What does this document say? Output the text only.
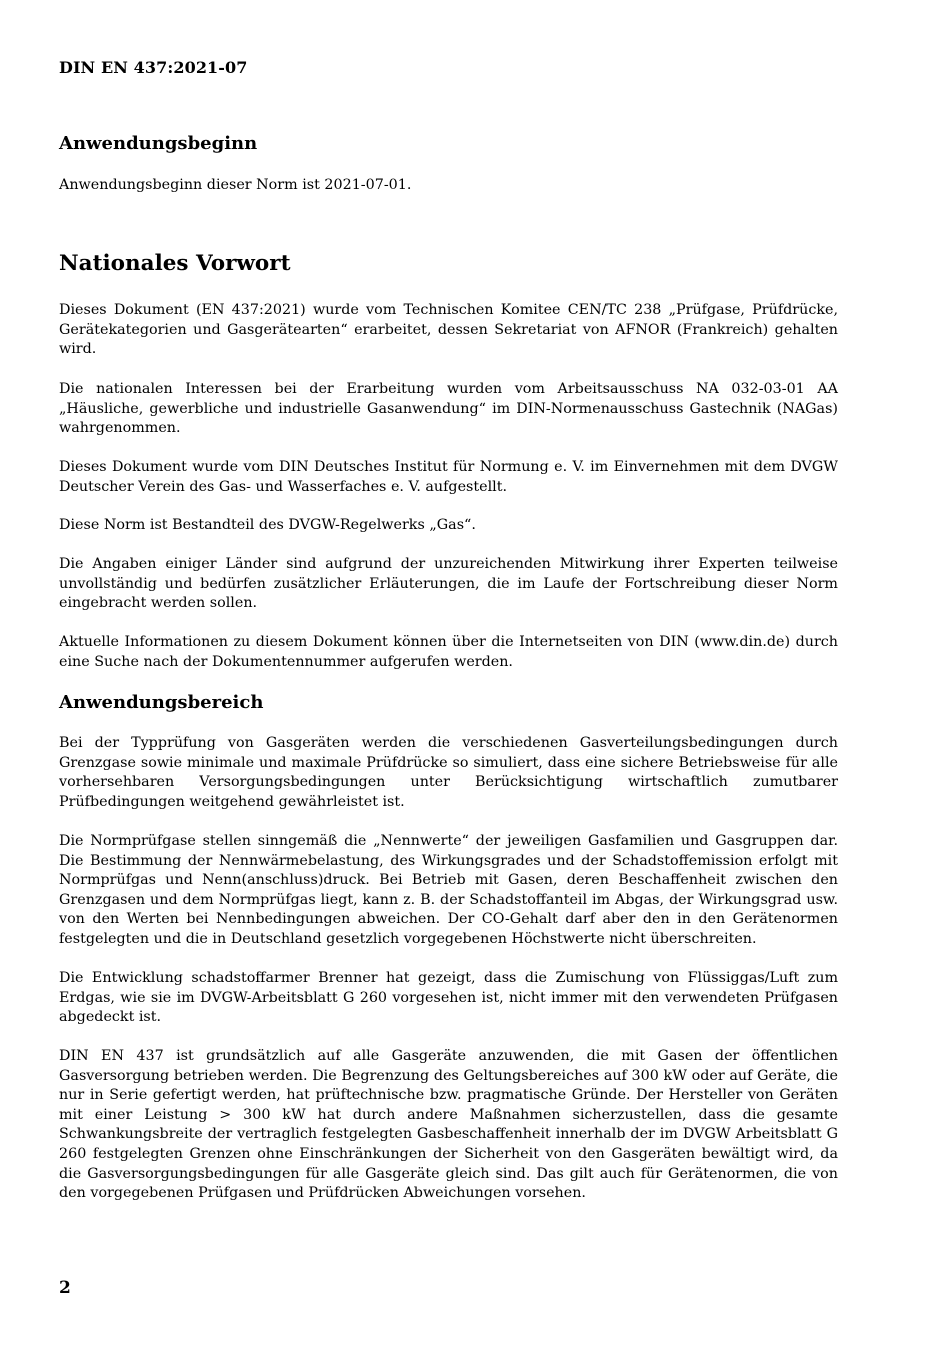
DIN EN 437:2021-07
Anwendungsbeginn

Anwendungsbeginn dieser Norm ist 2021-07-01.

Nationales Vorwort

Dieses Dokument (EN 437:2021) wurde vom Technischen Komitee CEN/TC 238 „Prüfgase, Prüfdrücke, Gerätekategorien und Gasgerätearten“ erarbeitet, dessen Sekretariat von AFNOR (Frankreich) gehalten wird.

Die nationalen Interessen bei der Erarbeitung wurden vom Arbeitsausschuss NA 032-03-01 AA „Häusliche, gewerbliche und industrielle Gasanwendung“ im DIN-Normenausschuss Gastechnik (NAGas) wahrgenommen.

Dieses Dokument wurde vom DIN Deutsches Institut für Normung e. V. im Einvernehmen mit dem DVGW Deutscher Verein des Gas- und Wasserfaches e. V. aufgestellt.

Diese Norm ist Bestandteil des DVGW-Regelwerks „Gas“.

Die Angaben einiger Länder sind aufgrund der unzureichenden Mitwirkung ihrer Experten teilweise unvollständig und bedürfen zusätzlicher Erläuterungen, die im Laufe der Fortschreibung dieser Norm eingebracht werden sollen.

Aktuelle Informationen zu diesem Dokument können über die Internetseiten von DIN (www.din.de) durch eine Suche nach der Dokumentennummer aufgerufen werden.

Anwendungsbereich

Bei der Typprüfung von Gasgeräten werden die verschiedenen Gasverteilungsbedingungen durch Grenzgase sowie minimale und maximale Prüfdrücke so simuliert, dass eine sichere Betriebsweise für alle vorhersehbaren Versorgungsbedingungen unter Berücksichtigung wirtschaftlich zumutbarer Prüfbedingungen weitgehend gewährleistet ist.

Die Normprüfgase stellen sinngemäß die „Nennwerte“ der jeweiligen Gasfamilien und Gasgruppen dar. Die Bestimmung der Nennwärmebelastung, des Wirkungsgrades und der Schadstoffemission erfolgt mit Normprüfgas und Nenn(anschluss)druck. Bei Betrieb mit Gasen, deren Beschaffenheit zwischen den Grenzgasen und dem Normprüfgas liegt, kann z. B. der Schadstoffanteil im Abgas, der Wirkungsgrad usw. von den Werten bei Nennbedingungen abweichen. Der CO-Gehalt darf aber den in den Gerätenormen festgelegten und die in Deutschland gesetzlich vorgegebenen Höchstwerte nicht überschreiten.

Die Entwicklung schadstoffarmer Brenner hat gezeigt, dass die Zumischung von Flüssiggas/Luft zum Erdgas, wie sie im DVGW-Arbeitsblatt G 260 vorgesehen ist, nicht immer mit den verwendeten Prüfgasen abgedeckt ist.

DIN EN 437 ist grundsätzlich auf alle Gasgeräte anzuwenden, die mit Gasen der öffentlichen Gasversorgung betrieben werden. Die Begrenzung des Geltungsbereiches auf 300 kW oder auf Geräte, die nur in Serie gefertigt werden, hat prüftechnische bzw. pragmatische Gründe. Der Hersteller von Geräten mit einer Leistung > 300 kW hat durch andere Maßnahmen sicherzustellen, dass die gesamte Schwankungsbreite der vertraglich festgelegten Gasbeschaffenheit innerhalb der im DVGW Arbeitsblatt G 260 festgelegten Grenzen ohne Einschränkungen der Sicherheit von den Gasgeräten bewältigt wird, da die Gasversorgungsbedingungen für alle Gasgeräte gleich sind. Das gilt auch für Gerätenormen, die von den vorgegebenen Prüfgasen und Prüfdrücken Abweichungen vorsehen.

2
